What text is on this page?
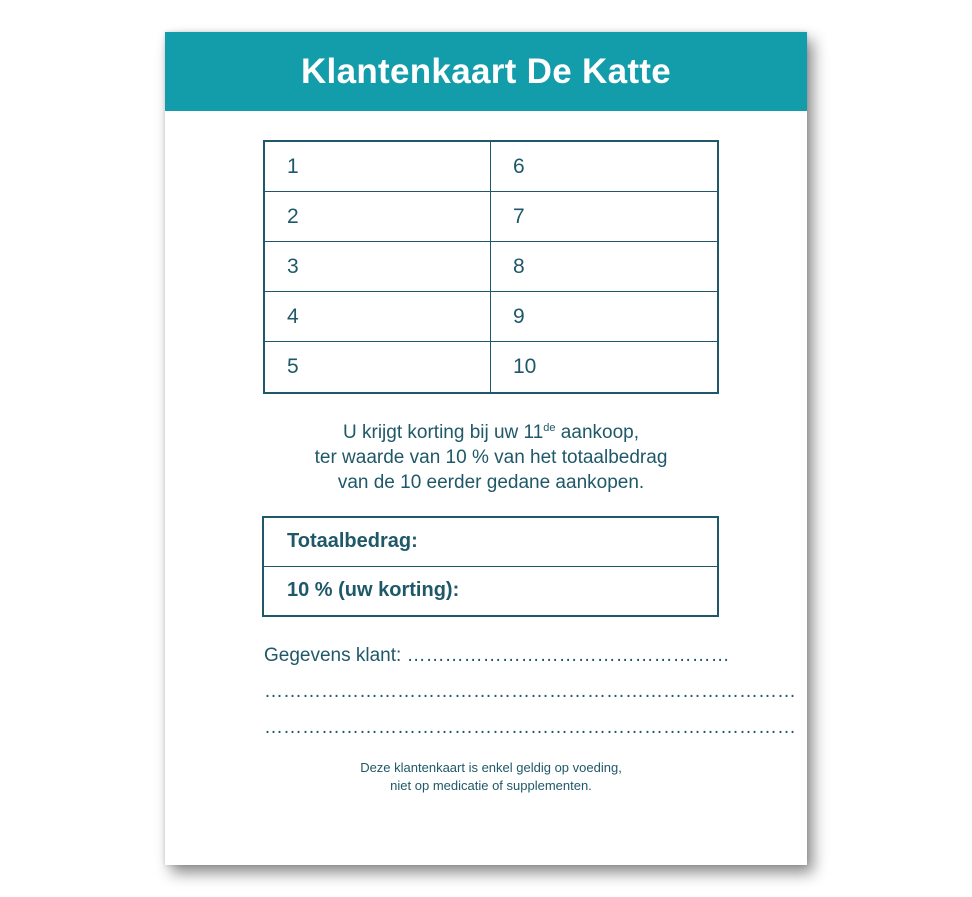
Klantenkaart De Katte
1	6
2	7
3	8
4	9
5	10
U krijgt korting bij uw 11de aankoop,
ter waarde van 10 % van het totaalbedrag
van de 10 eerder gedane aankopen.
Totaalbedrag:
10 % (uw korting):
Gegevens klant: ……………………………………………
…………………………………………………………………………
…………………………………………………………………………
Deze klantenkaart is enkel geldig op voeding,
niet op medicatie of supplementen.
